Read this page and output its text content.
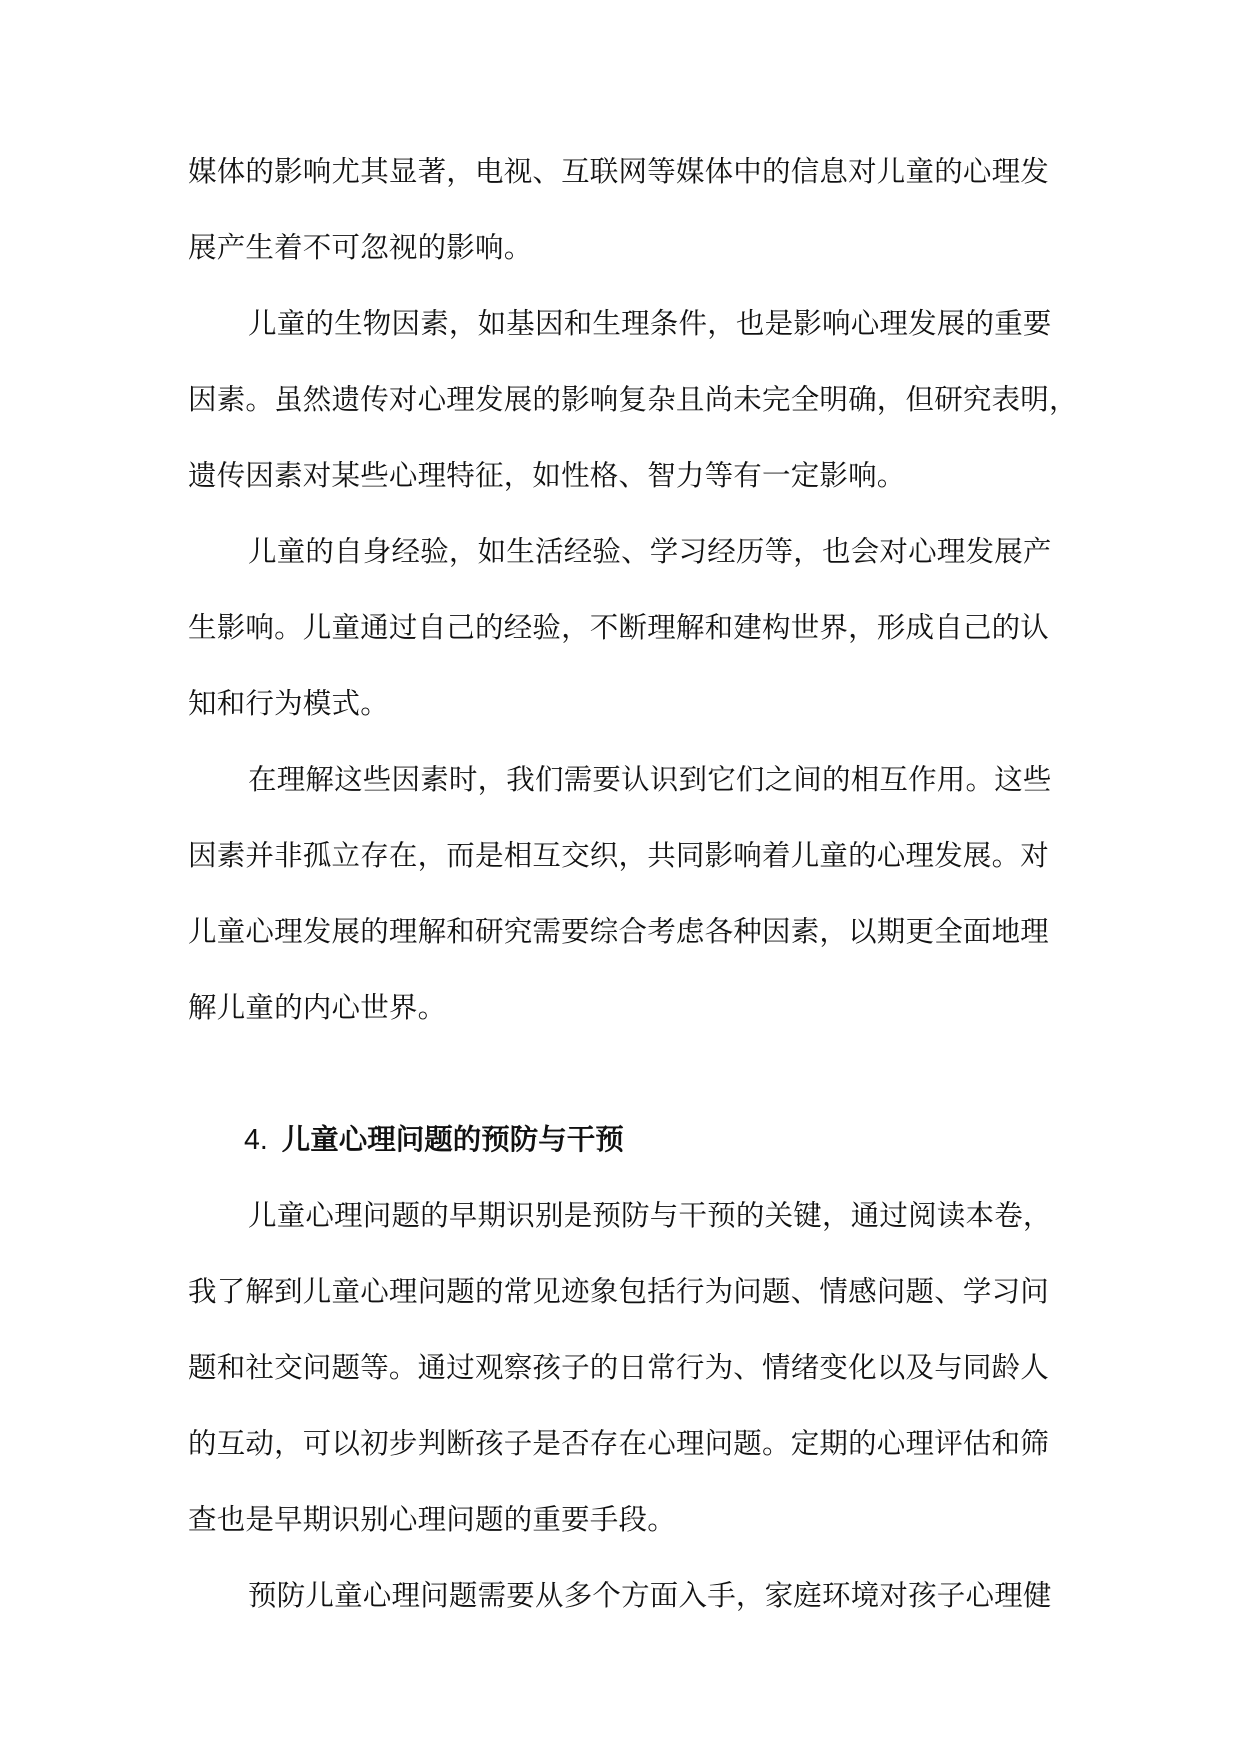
媒体的影响尤其显著，电视、互联网等媒体中的信息对儿童的心理发
展产生着不可忽视的影响。
儿童的生物因素，如基因和生理条件，也是影响心理发展的重要
因素。虽然遗传对心理发展的影响复杂且尚未完全明确，但研究表明，
遗传因素对某些心理特征，如性格、智力等有一定影响。
儿童的自身经验，如生活经验、学习经历等，也会对心理发展产
生影响。儿童通过自己的经验，不断理解和建构世界，形成自己的认
知和行为模式。
在理解这些因素时，我们需要认识到它们之间的相互作用。这些
因素并非孤立存在，而是相互交织，共同影响着儿童的心理发展。对
儿童心理发展的理解和研究需要综合考虑各种因素，以期更全面地理
解儿童的内心世界。
4. 儿童心理问题的预防与干预
儿童心理问题的早期识别是预防与干预的关键，通过阅读本卷，
我了解到儿童心理问题的常见迹象包括行为问题、情感问题、学习问
题和社交问题等。通过观察孩子的日常行为、情绪变化以及与同龄人
的互动，可以初步判断孩子是否存在心理问题。定期的心理评估和筛
查也是早期识别心理问题的重要手段。
预防儿童心理问题需要从多个方面入手，家庭环境对孩子心理健
